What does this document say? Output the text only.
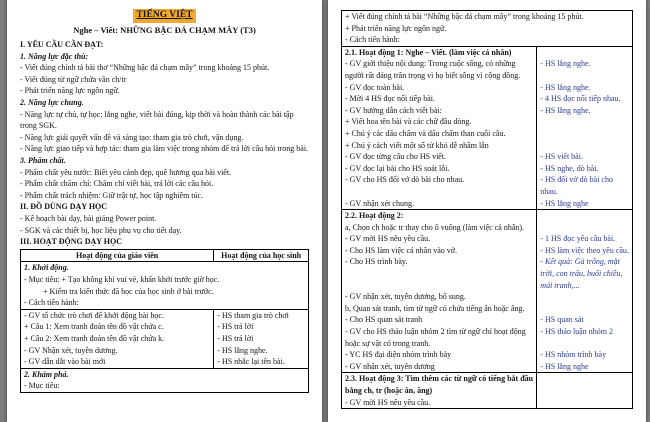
TIẾNG VIỆT
Nghe – Viết: NHỮNG BẬC ĐÁ CHẠM MÂY (T3)
I. YÊU CẦU CẦN ĐẠT:
1. Năng lực đặc thù:
- Viết đúng chính tả bài thơ “Những bậc đá chạm mây” trong khoảng 15 phút.
- Viết đúng từ ngữ chứa vần ch/tr
- Phát triển năng lực ngôn ngữ.
2. Năng lực chung.
- Năng lực tự chủ, tự học: lắng nghe, viết bài đúng, kịp thời và hoàn thành các bài tập trong SGK.
- Năng lực giải quyết vấn đề và sáng tạo: tham gia trò chơi, vận dụng.
- Năng lực giao tiếp và hợp tác: tham gia làm việc trong nhóm để trả lời câu hỏi trong bài.
3. Phẩm chất.
- Phẩm chất yêu nước: Biết yêu cảnh đẹp, quê hương qua bài viết.
- Phẩm chất chăm chỉ: Chăm chỉ viết bài, trả lời các câu hỏi.
- Phẩm chất trách nhiệm: Giữ trật tự, học tập nghiêm túc.
II. ĐỒ DÙNG DẠY HỌC
- Kế hoạch bài dạy, bài giảng Power point.
- SGK và các thiết bị, học liệu phụ vụ cho tiết dạy.
III. HOẠT ĐỘNG DẠY HỌC
Hoạt động của giáo viên	Hoạt động của học sinh
1. Khởi động.
- Mục tiêu: + Tạo không khí vui vẻ, khấn khởi trước giờ học.
+ Kiểm tra kiến thức đã học của học sinh ở bài trước.
- Cách tiến hành:
- GV tổ chức trò chơi để khởi động bài học.	- HS tham gia trò chơi
+ Câu 1: Xem tranh đoán tên đồ vật chứa c.	- HS trả lời
+ Câu 2: Xem tranh đoán tên đồ vật chứa k.	- HS trả lời
- GV Nhận xét, tuyên dương.	- HS lắng nghe.
- GV dẫn dắt vào bài mới	- HS nhắc lại tên bài.
2. Khám phá.
- Mục tiêu:
+ Viết đúng chính tả bài “Những bậc đá chạm mây” trong khoảng 15 phút.
+ Phát triển năng lực ngôn ngữ.
- Cách tiến hành:
2.1. Hoạt động 1: Nghe – Viết. (làm việc cá nhân)
- GV giới thiệu nội dung: Trong cuộc sống, có những người rất đáng trân trọng vì họ biết sống vì cộng đồng.
- HS lắng nghe.
- GV đọc toàn bài.	- HS lắng nghe.
- Mời 4 HS đọc nối tiếp bài.	- 4 HS đọc nối tiếp nhau.
- GV hướng dẫn cách viết bài:	- HS lắng nghe.
+ Viết hoa tên bài và các chữ đầu dòng.
+ Chú ý các dấu chấm và dấu chấm than cuối câu.
+ Chú ý cách viết một số từ khó dễ nhầm lẫn
- GV đọc từng câu cho HS viết.	- HS viết bài.
- GV đọc lại bài cho HS soát lỗi.	- HS nghe, dò bài.
- GV cho HS đổi vở dò bài cho nhau.	- HS đổi vở dò bài cho nhau.
- GV nhận xét chung.	- HS lắng nghe
2.2. Hoạt động 2:
a, Chọn ch hoặc tr thay cho ô vuông (làm việc cá nhân).
- GV mời HS nêu yêu cầu.	- 1 HS đọc yêu cầu bài.
- Cho HS làm việc cá nhân vào vở.	- HS làm việc theo yêu cầu.
- Cho HS trình bày.	- Kết quả: Gà trống, mặt trời, con trâu, buổi chiều, mái tranh,...
- GV nhận xét, tuyên dương, bổ sung.
b, Quan sát tranh, tìm từ ngữ có chứa tiếng ân hoặc âng.
- Cho HS quan sát tranh	- HS quan sát
- GV cho HS thảo luận nhóm 2 tìm từ ngữ chỉ hoạt động hoặc sự vật có trong tranh.
- HS thảo luận nhóm 2
- YC HS đại diện nhóm trình bày	- HS nhóm trình bày
- GV nhận xét, tuyên dương	- HS lắng nghe
2.3. Hoạt động 3: Tìm thêm các từ ngữ có tiếng bắt đầu bằng ch, tr (hoặc ân, âng)
- GV mời HS nêu yêu cầu.
